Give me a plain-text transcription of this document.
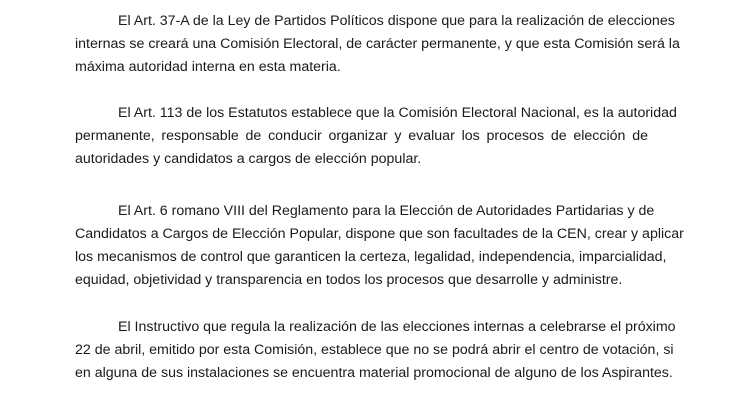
El Art. 37-A de la Ley de Partidos Políticos dispone que para la realización de elecciones
internas se creará una Comisión Electoral, de carácter permanente, y que esta Comisión será la
máxima autoridad interna en esta materia.
El Art. 113 de los Estatutos establece que la Comisión Electoral Nacional, es la autoridad
permanente, responsable de conducir organizar y evaluar los procesos de elección de
autoridades y candidatos a cargos de elección popular.
El Art. 6 romano VIII del Reglamento para la Elección de Autoridades Partidarias y de
Candidatos a Cargos de Elección Popular, dispone que son facultades de la CEN, crear y aplicar
los mecanismos de control que garanticen la certeza, legalidad, independencia, imparcialidad,
equidad, objetividad y transparencia en todos los procesos que desarrolle y administre.
El Instructivo que regula la realización de las elecciones internas a celebrarse el próximo
22 de abril, emitido por esta Comisión, establece que no se podrá abrir el centro de votación, si
en alguna de sus instalaciones se encuentra material promocional de alguno de los Aspirantes.
